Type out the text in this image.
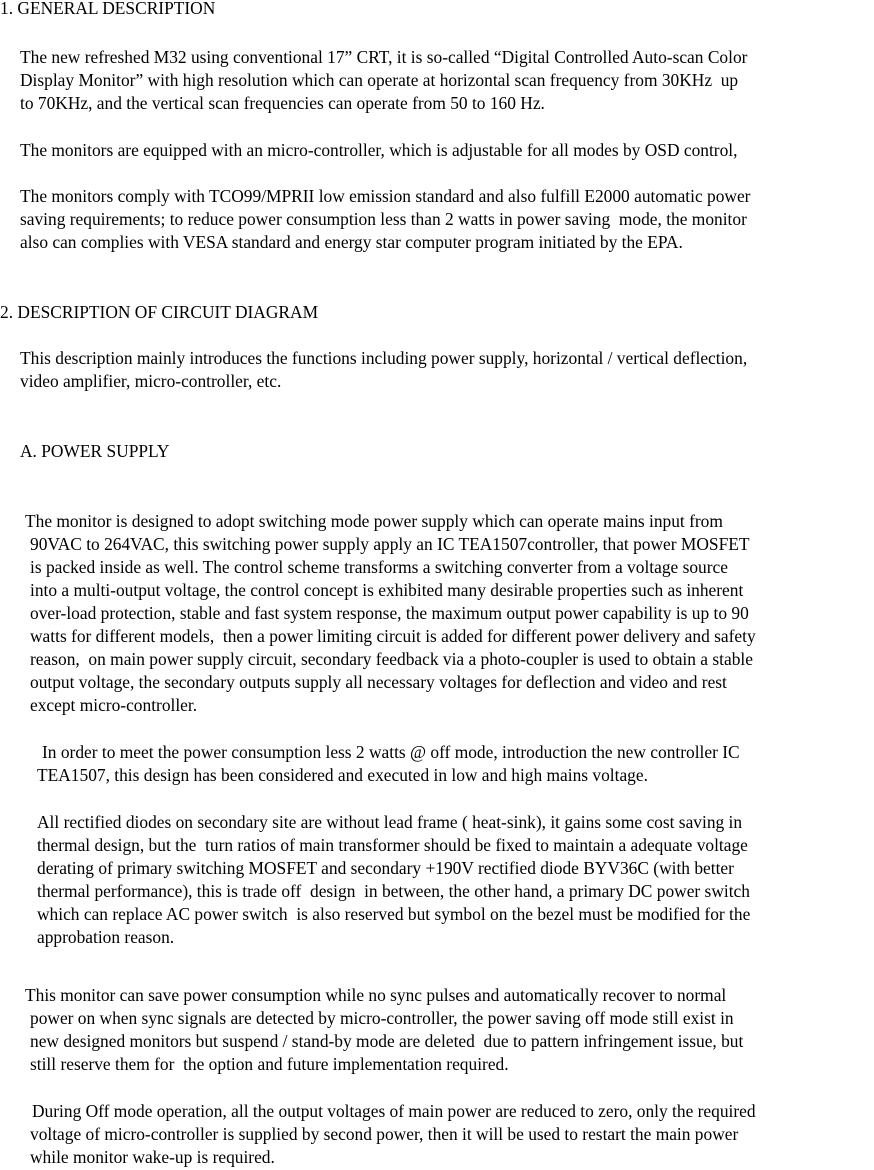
1. GENERAL DESCRIPTION
The new refreshed M32 using conventional 17” CRT, it is so-called “Digital Controlled Auto-scan Color
Display Monitor” with high resolution which can operate at horizontal scan frequency from 30KHz  up
to 70KHz, and the vertical scan frequencies can operate from 50 to 160 Hz.
The monitors are equipped with an micro-controller, which is adjustable for all modes by OSD control,
The monitors comply with TCO99/MPRII low emission standard and also fulfill E2000 automatic power
saving requirements; to reduce power consumption less than 2 watts in power saving  mode, the monitor
also can complies with VESA standard and energy star computer program initiated by the EPA.
2. DESCRIPTION OF CIRCUIT DIAGRAM
This description mainly introduces the functions including power supply, horizontal / vertical deflection,
video amplifier, micro-controller, etc.
A. POWER SUPPLY
The monitor is designed to adopt switching mode power supply which can operate mains input from
90VAC to 264VAC, this switching power supply apply an IC TEA1507controller, that power MOSFET
is packed inside as well. The control scheme transforms a switching converter from a voltage source
into a multi-output voltage, the control concept is exhibited many desirable properties such as inherent
over-load protection, stable and fast system response, the maximum output power capability is up to 90
watts for different models,  then a power limiting circuit is added for different power delivery and safety
reason,  on main power supply circuit, secondary feedback via a photo-coupler is used to obtain a stable
output voltage, the secondary outputs supply all necessary voltages for deflection and video and rest
except micro-controller.
In order to meet the power consumption less 2 watts @ off mode, introduction the new controller IC
TEA1507, this design has been considered and executed in low and high mains voltage.
All rectified diodes on secondary site are without lead frame ( heat-sink), it gains some cost saving in
thermal design, but the  turn ratios of main transformer should be fixed to maintain a adequate voltage
derating of primary switching MOSFET and secondary +190V rectified diode BYV36C (with better
thermal performance), this is trade off  design  in between, the other hand, a primary DC power switch
which can replace AC power switch  is also reserved but symbol on the bezel must be modified for the
approbation reason.
This monitor can save power consumption while no sync pulses and automatically recover to normal
power on when sync signals are detected by micro-controller, the power saving off mode still exist in
new designed monitors but suspend / stand-by mode are deleted  due to pattern infringement issue, but
still reserve them for  the option and future implementation required.
During Off mode operation, all the output voltages of main power are reduced to zero, only the required
voltage of micro-controller is supplied by second power, then it will be used to restart the main power
while monitor wake-up is required.
